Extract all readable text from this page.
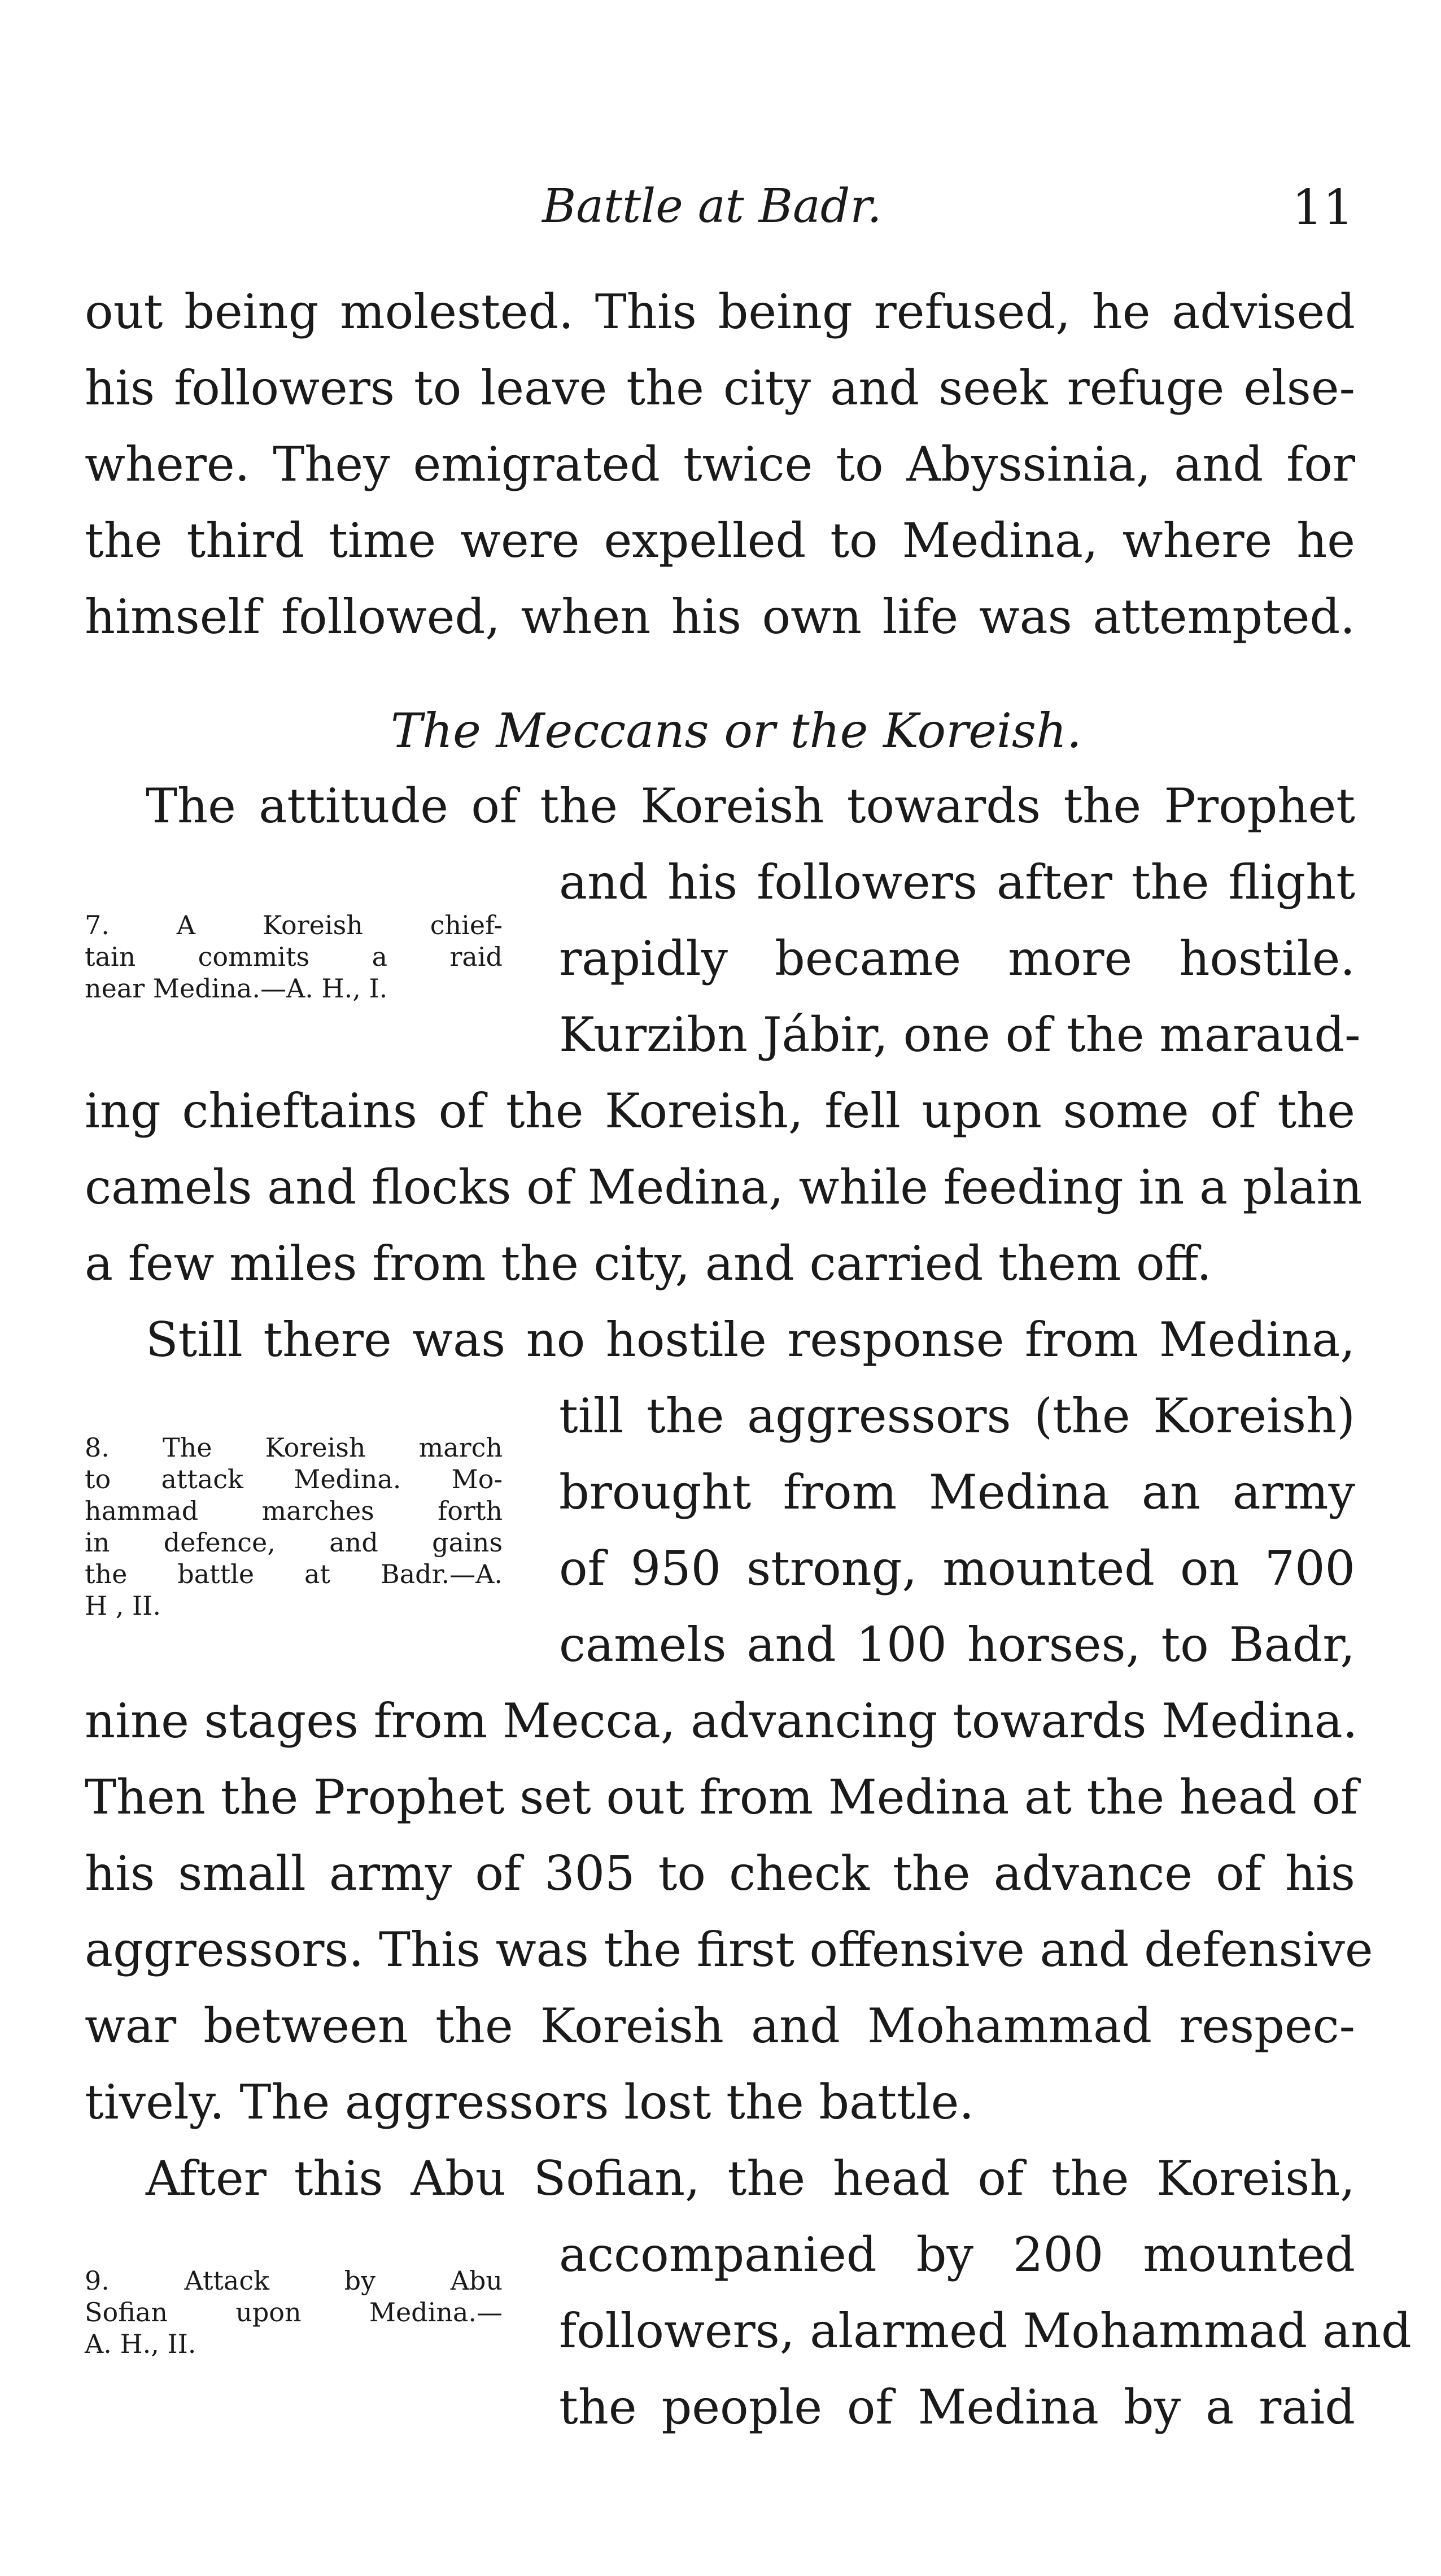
Battle at Badr.	11
out being molested. This being refused, he advised
his followers to leave the city and seek refuge else-
where. They emigrated twice to Abyssinia, and for
the third time were expelled to Medina, where he
himself followed, when his own life was attempted.
The Meccans or the Koreish.
The attitude of the Koreish towards the Prophet
and his followers after the flight
rapidly became more hostile.
Kurzibn Jábir, one of the maraud-
ing chieftains of the Koreish, fell upon some of the
camels and flocks of Medina, while feeding in a plain
a few miles from the city, and carried them off.
Still there was no hostile response from Medina,
till the aggressors (the Koreish)
brought from Medina an army
of 950 strong, mounted on 700
camels and 100 horses, to Badr,
nine stages from Mecca, advancing towards Medina.
Then the Prophet set out from Medina at the head of
his small army of 305 to check the advance of his
aggressors. This was the first offensive and defensive
war between the Koreish and Mohammad respec-
tively. The aggressors lost the battle.
After this Abu Sofian, the head of the Koreish,
accompanied by 200 mounted
followers, alarmed Mohammad and
the people of Medina by a raid
7. A Koreish chief-
tain commits a raid
near Medina.—A. H., I.
8. The Koreish march
to attack Medina. Mo-
hammad marches forth
in defence, and gains
the battle at Badr.—A.
H , II.
9. Attack by Abu
Sofian upon Medina.—
A. H., II.
